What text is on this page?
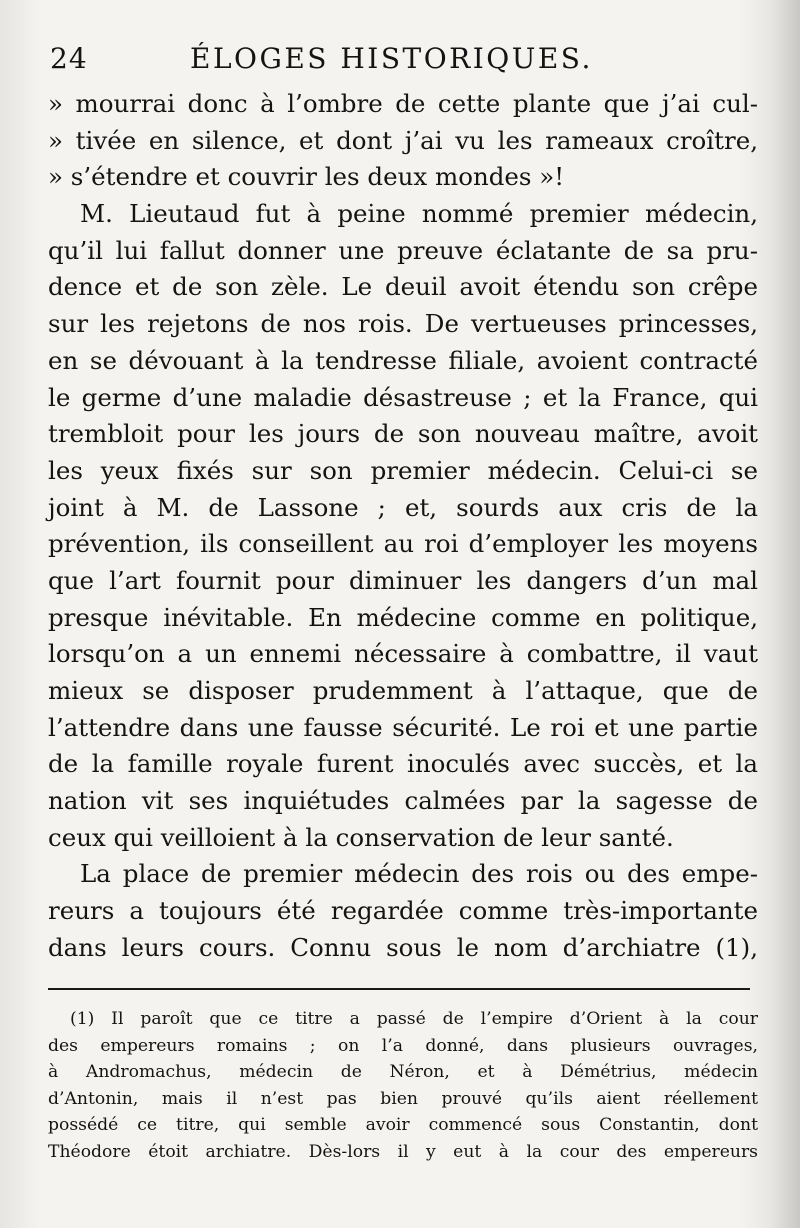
24	ÉLOGES HISTORIQUES.
» mourrai donc à l’ombre de cette plante que j’ai cul-
» tivée en silence, et dont j’ai vu les rameaux croître,
» s’étendre et couvrir les deux mondes »!
M. Lieutaud fut à peine nommé premier médecin,
qu’il lui fallut donner une preuve éclatante de sa pru-
dence et de son zèle. Le deuil avoit étendu son crêpe
sur les rejetons de nos rois. De vertueuses princesses,
en se dévouant à la tendresse filiale, avoient contracté
le germe d’une maladie désastreuse ; et la France, qui
trembloit pour les jours de son nouveau maître, avoit
les yeux fixés sur son premier médecin. Celui-ci se
joint à M. de Lassone ; et, sourds aux cris de la
prévention, ils conseillent au roi d’employer les moyens
que l’art fournit pour diminuer les dangers d’un mal
presque inévitable. En médecine comme en politique,
lorsqu’on a un ennemi nécessaire à combattre, il vaut
mieux se disposer prudemment à l’attaque, que de
l’attendre dans une fausse sécurité. Le roi et une partie
de la famille royale furent inoculés avec succès, et la
nation vit ses inquiétudes calmées par la sagesse de
ceux qui veilloient à la conservation de leur santé.
La place de premier médecin des rois ou des empe-
reurs a toujours été regardée comme très-importante
dans leurs cours. Connu sous le nom d’archiatre (1),
(1) Il paroît que ce titre a passé de l’empire d’Orient à la cour
des empereurs romains ; on l’a donné, dans plusieurs ouvrages,
à Andromachus, médecin de Néron, et à Démétrius, médecin
d’Antonin, mais il n’est pas bien prouvé qu’ils aient réellement
possédé ce titre, qui semble avoir commencé sous Constantin, dont
Théodore étoit archiatre. Dès-lors il y eut à la cour des empereurs
